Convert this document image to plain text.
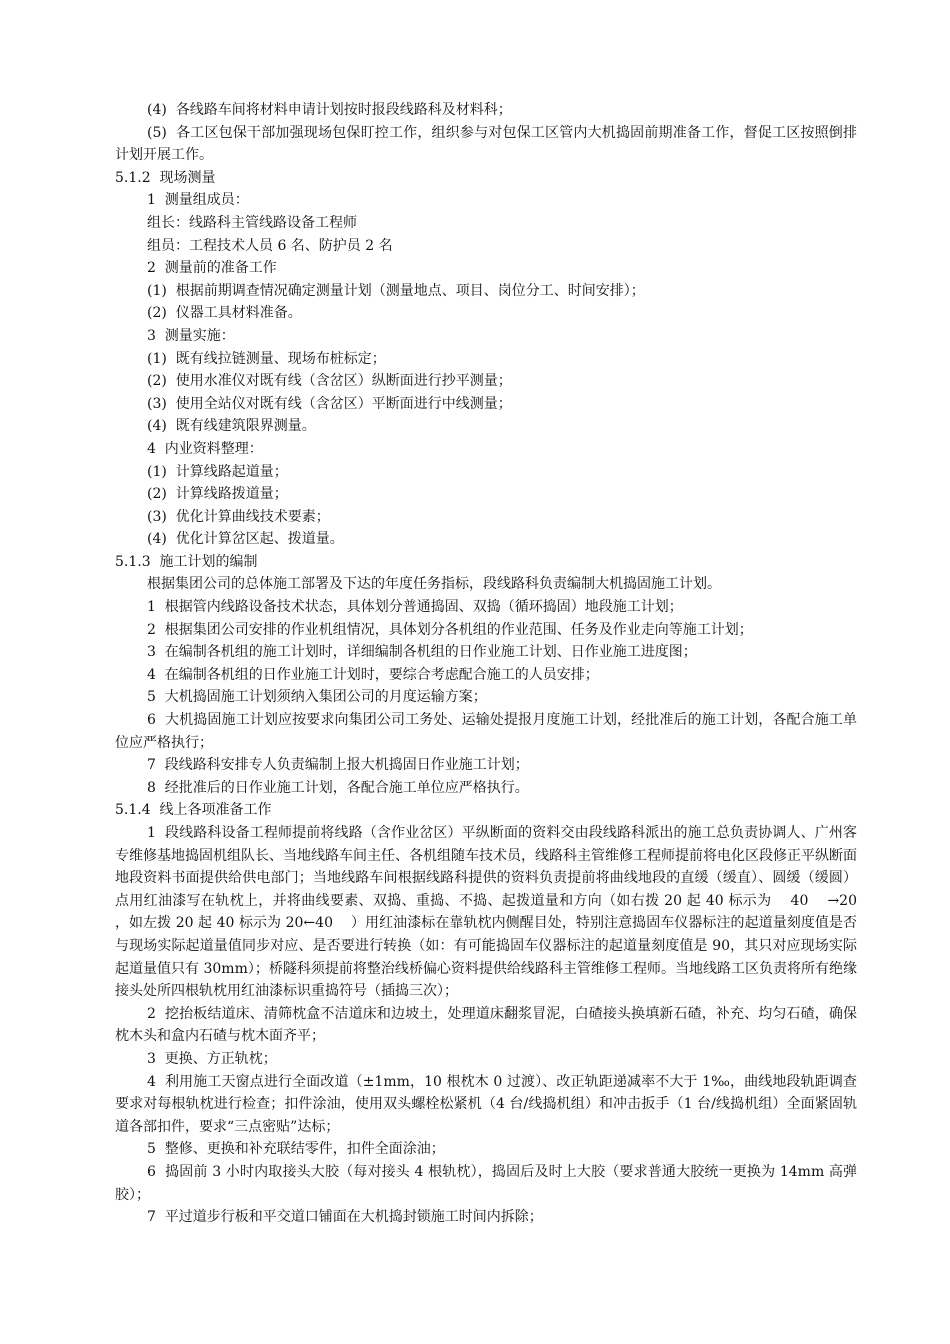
(4)  各线路车间将材料申请计划按时报段线路科及材料科；

(5)  各工区包保干部加强现场包保盯控工作，组织参与对包保工区管内大机捣固前期准备工作，督促工区按照倒排计划开展工作。

5.1.2  现场测量

1  测量组成员：

组长：线路科主管线路设备工程师

组员：工程技术人员 6 名、防护员 2 名

2  测量前的准备工作

(1)  根据前期调查情况确定测量计划（测量地点、项目、岗位分工、时间安排）；

(2)  仪器工具材料准备。

3  测量实施：

(1)  既有线拉链测量、现场布桩标定；

(2)  使用水准仪对既有线（含岔区）纵断面进行抄平测量；

(3)  使用全站仪对既有线（含岔区）平断面进行中线测量；

(4)  既有线建筑限界测量。

4  内业资料整理：

(1)  计算线路起道量；

(2)  计算线路拨道量；

(3)  优化计算曲线技术要素；

(4)  优化计算岔区起、拨道量。

5.1.3  施工计划的编制

根据集团公司的总体施工部署及下达的年度任务指标，段线路科负责编制大机捣固施工计划。

1  根据管内线路设备技术状态，具体划分普通捣固、双捣（循环捣固）地段施工计划；

2  根据集团公司安排的作业机组情况，具体划分各机组的作业范围、任务及作业走向等施工计划；

3  在编制各机组的施工计划时，详细编制各机组的日作业施工计划、日作业施工进度图；

4  在编制各机组的日作业施工计划时，要综合考虑配合施工的人员安排；

5  大机捣固施工计划须纳入集团公司的月度运输方案；

6  大机捣固施工计划应按要求向集团公司工务处、运输处提报月度施工计划，经批准后的施工计划，各配合施工单位应严格执行；

7  段线路科安排专人负责编制上报大机捣固日作业施工计划；

8  经批准后的日作业施工计划，各配合施工单位应严格执行。

5.1.4  线上各项准备工作

1  段线路科设备工程师提前将线路（含作业岔区）平纵断面的资料交由段线路科派出的施工总负责协调人、广州客专维修基地捣固机组队长、当地线路车间主任、各机组随车技术员，线路科主管维修工程师提前将电化区段修正平纵断面地段资料书面提供给供电部门；当地线路车间根据线路科提供的资料负责提前将曲线地段的直缓（缓直）、圆缓（缓圆）点用红油漆写在轨枕上，并将曲线要素、双捣、重捣、不捣、起拨道量和方向（如右拨 20 起 40 标示为    40    →20  ，如左拨 20 起 40 标示为 20←40    ）用红油漆标在靠轨枕内侧醒目处，特别注意捣固车仪器标注的起道量刻度值是否与现场实际起道量值同步对应、是否要进行转换（如：有可能捣固车仪器标注的起道量刻度值是 90，其只对应现场实际起道量值只有 30mm）；桥隧科须提前将整治线桥偏心资料提供给线路科主管维修工程师。当地线路工区负责将所有绝缘接头处所四根轨枕用红油漆标识重捣符号（插捣三次）；

2  挖抬板结道床、清筛枕盒不洁道床和边坡土，处理道床翻浆冒泥，白碴接头换填新石碴，补充、均匀石碴，确保枕木头和盒内石碴与枕木面齐平；

3  更换、方正轨枕；

4  利用施工天窗点进行全面改道（±1mm，10 根枕木 0 过渡）、改正轨距递减率不大于 1‰，曲线地段轨距调查要求对每根轨枕进行检查；扣件涂油，使用双头螺栓松紧机（4 台/线捣机组）和冲击扳手（1 台/线捣机组）全面紧固轨道各部扣件，要求“三点密贴”达标；

5  整修、更换和补充联结零件，扣件全面涂油；

6  捣固前 3 小时内取接头大胶（每对接头 4 根轨枕），捣固后及时上大胶（要求普通大胶统一更换为 14mm 高弹胶）；

7  平过道步行板和平交道口铺面在大机捣封锁施工时间内拆除；
